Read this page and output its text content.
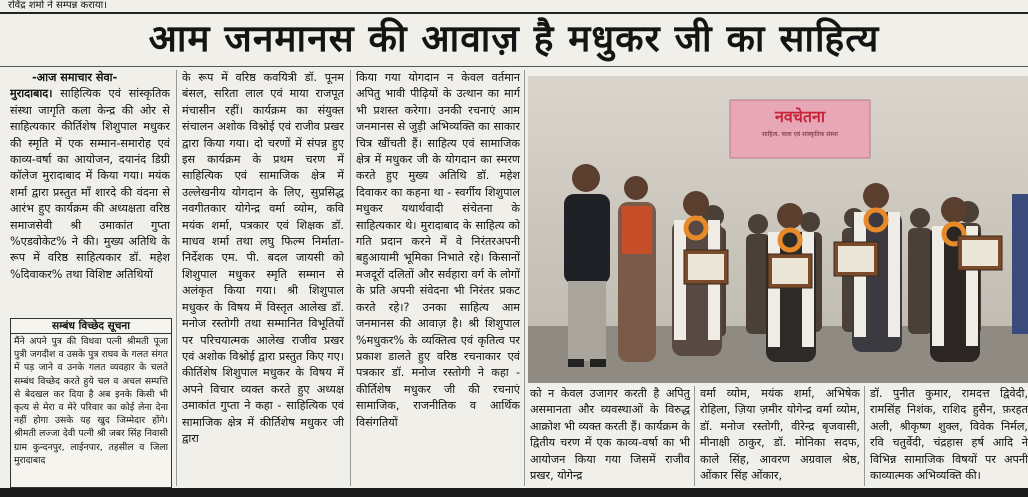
रविंद्र शर्मा ने सम्पन्न कराया।
आम जनमानस की आवाज़ है मधुकर जी का साहित्य

-आज समाचार सेवा-

मुरादाबाद। साहित्यिक एवं सांस्कृतिक संस्था जागृति कला केन्द्र की ओर से साहित्यकार कीर्तिशेष शिशुपाल मधुकर की स्मृति में एक सम्मान-समारोह एवं काव्य-वर्षा का आयोजन, दयानंद डिग्री कॉलेज मुरादाबाद में किया गया। मयंक शर्मा द्वारा प्रस्तुत माँ शारदे की वंदना से आरंभ हुए कार्यक्रम की अध्यक्षता वरिष्ठ समाजसेवी श्री उमाकांत गुप्ता %एडवोकेट% ने की। मुख्य अतिथि के रूप में वरिष्ठ साहित्यकार डॉ. महेश %दिवाकर% तथा विशिष्ट अतिथियों

सम्बंध विच्छेद सूचना
मैंने अपने पुत्र की विधवा पत्नी श्रीमती पूजा पुत्री जगदीश व उसके पुत्र राघव के गलत संगत में पड़ जाने व उनके गलत व्यवहार के चलते सम्बंध विच्छेद करते हुये चल व अचल सम्पत्ति से बेदखल कर दिया है अब इनके किसी भी कृत्य से मेरा व मेरे परिवार का कोई लेना देना नहीं होगा उसके यह खुद जिम्मेदार होंगे। श्रीमती लज्जा देवी पत्नी श्री जबर सिंह निवासी ग्राम कुन्दनपुर, लाईनपार, तहसील व जिला मुरादाबाद

के रूप में वरिष्ठ कवयित्री डॉ. पूनम बंसल, सरिता लाल एवं माया राजपूत मंचासीन रहीं। कार्यक्रम का संयुक्त संचालन अशोक विश्नोई एवं राजीव प्रखर द्वारा किया गया। दो चरणों में संपन्न हुए इस कार्यक्रम के प्रथम चरण में साहित्यिक एवं सामाजिक क्षेत्र में उल्लेखनीय योगदान के लिए, सुप्रसिद्ध नवगीतकार योगेन्द्र वर्मा व्योम, कवि मयंक शर्मा, पत्रकार एवं शिक्षक डॉ. माधव शर्मा तथा लघु फिल्म निर्माता-निर्देशक एम. पी. बदल जायसी को शिशुपाल मधुकर स्मृति सम्मान से अलंकृत किया गया। श्री शिशुपाल मधुकर के विषय में विस्तृत आलेख डॉ. मनोज रस्तोगी तथा सम्मानित विभूतियों पर परिचयात्मक आलेख राजीव प्रखर एवं अशोक विश्नोई द्वारा प्रस्तुत किए गए। कीर्तिशेष शिशुपाल मधुकर के विषय में अपने विचार व्यक्त करते हुए अध्यक्ष उमाकांत गुप्ता ने कहा - साहित्यिक एवं सामाजिक क्षेत्र में कीर्तिशेष मधुकर जी द्वारा

किया गया योगदान न केवल वर्तमान अपितु भावी पीढ़ियों के उत्थान का मार्ग भी प्रशस्त करेगा। उनकी रचनाएं आम जनमानस से जुड़ी अभिव्यक्ति का साकार चित्र खींचती हैं। साहित्य एवं सामाजिक क्षेत्र में मधुकर जी के योगदान का स्मरण करते हुए मुख्य अतिथि डॉ. महेश दिवाकर का कहना था - स्वर्गीय शिशुपाल मधुकर यथार्थवादी संचेतना के साहित्यकार थे। मुरादाबाद के साहित्य को गति प्रदान करने में वे निरंतरअपनी बहुआयामी भूमिका निभाते रहे। किसानों मजदूरों दलितों और सर्वहारा वर्ग के लोगों के प्रति अपनी संवेदना भी निरंतर प्रकट करते रहे।? उनका साहित्य आम जनमानस की आवाज़ है। श्री शिशुपाल %मधुकर% के व्यक्तित्व एवं कृतित्व पर प्रकाश डालते हुए वरिष्ठ रचनाकार एवं पत्रकार डॉ. मनोज रस्तोगी ने कहा - कीर्तिशेष मधुकर जी की रचनाएं सामाजिक, राजनीतिक व आर्थिक विसंगतियों

नवचेतना
साहित्य, कला एवं सांस्कृतिक संस्था

को न केवल उजागर करती है अपितु असमानता और व्यवस्थाओं के विरुद्ध आक्रोश भी व्यक्त करती हैं। कार्यक्रम के द्वितीय चरण में एक काव्य-वर्षा का भी आयोजन किया गया जिसमें राजीव प्रखर, योगेन्द्र

वर्मा व्योम, मयंक शर्मा, अभिषेक रोहिला, ज़िया ज़मीर योगेन्द्र वर्मा व्योम, डॉ. मनोज रस्तोगी, वीरेन्द्र बृजवासी, मीनाक्षी ठाकुर, डॉ. मोनिका सदफ, काले सिंह, आवरण अग्रवाल श्रेष्ठ, ओंकार सिंह ओंकार,

डॉ. पुनीत कुमार, रामदत्त द्विवेदी, रामसिंह निशंक, राशिद हुसैन, फ़रहत अली, श्रीकृष्ण शुक्ल, विवेक निर्मल, रवि चतुर्वेदी, चंद्रहास हर्ष आदि ने विभिन्न सामाजिक विषयों पर अपनी काव्यात्मक अभिव्यक्ति की।
